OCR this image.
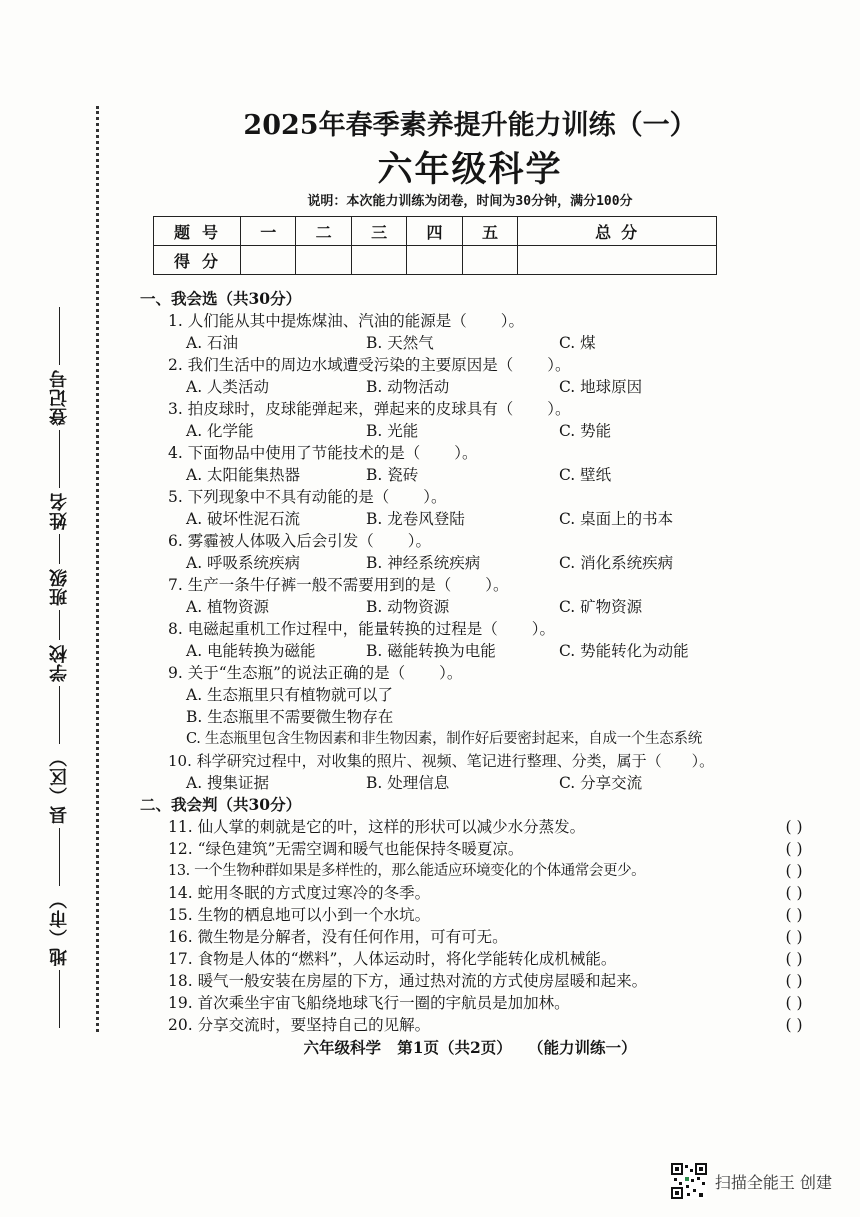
地（市）
县（区）
学校
班级
姓名
登记号
2025年春季素养提升能力训练（一）
六年级科学
说明：本次能力训练为闭卷，时间为30分钟，满分100分
题号	一	二	三	四	五	总分
得分						
一、我会选（共30分）
1. 人们能从其中提炼煤油、汽油的能源是（ ）。
A. 石油	B. 天然气	C. 煤
2. 我们生活中的周边水域遭受污染的主要原因是（ ）。
A. 人类活动	B. 动物活动	C. 地球原因
3. 拍皮球时，皮球能弹起来，弹起来的皮球具有（ ）。
A. 化学能	B. 光能	C. 势能
4. 下面物品中使用了节能技术的是（ ）。
A. 太阳能集热器	B. 瓷砖	C. 壁纸
5. 下列现象中不具有动能的是（ ）。
A. 破坏性泥石流	B. 龙卷风登陆	C. 桌面上的书本
6. 雾霾被人体吸入后会引发（ ）。
A. 呼吸系统疾病	B. 神经系统疾病	C. 消化系统疾病
7. 生产一条牛仔裤一般不需要用到的是（ ）。
A. 植物资源	B. 动物资源	C. 矿物资源
8. 电磁起重机工作过程中，能量转换的过程是（ ）。
A. 电能转换为磁能	B. 磁能转换为电能	C. 势能转化为动能
9. 关于“生态瓶”的说法正确的是（ ）。
A. 生态瓶里只有植物就可以了
B. 生态瓶里不需要微生物存在
C. 生态瓶里包含生物因素和非生物因素，制作好后要密封起来，自成一个生态系统
10. 科学研究过程中，对收集的照片、视频、笔记进行整理、分类，属于（ ）。
A. 搜集证据	B. 处理信息	C. 分享交流
二、我会判（共30分）
11. 仙人掌的刺就是它的叶，这样的形状可以减少水分蒸发。	( )
12. “绿色建筑”无需空调和暖气也能保持冬暖夏凉。	( )
13. 一个生物种群如果是多样性的，那么能适应环境变化的个体通常会更少。	( )
14. 蛇用冬眠的方式度过寒冷的冬季。	( )
15. 生物的栖息地可以小到一个水坑。	( )
16. 微生物是分解者，没有任何作用，可有可无。	( )
17. 食物是人体的“燃料”，人体运动时，将化学能转化成机械能。	( )
18. 暖气一般安装在房屋的下方，通过热对流的方式使房屋暖和起来。	( )
19. 首次乘坐宇宙飞船绕地球飞行一圈的宇航员是加加林。	( )
20. 分享交流时，要坚持自己的见解。	( )
六年级科学   第1页（共2页）   （能力训练一）
扫描全能王 创建
